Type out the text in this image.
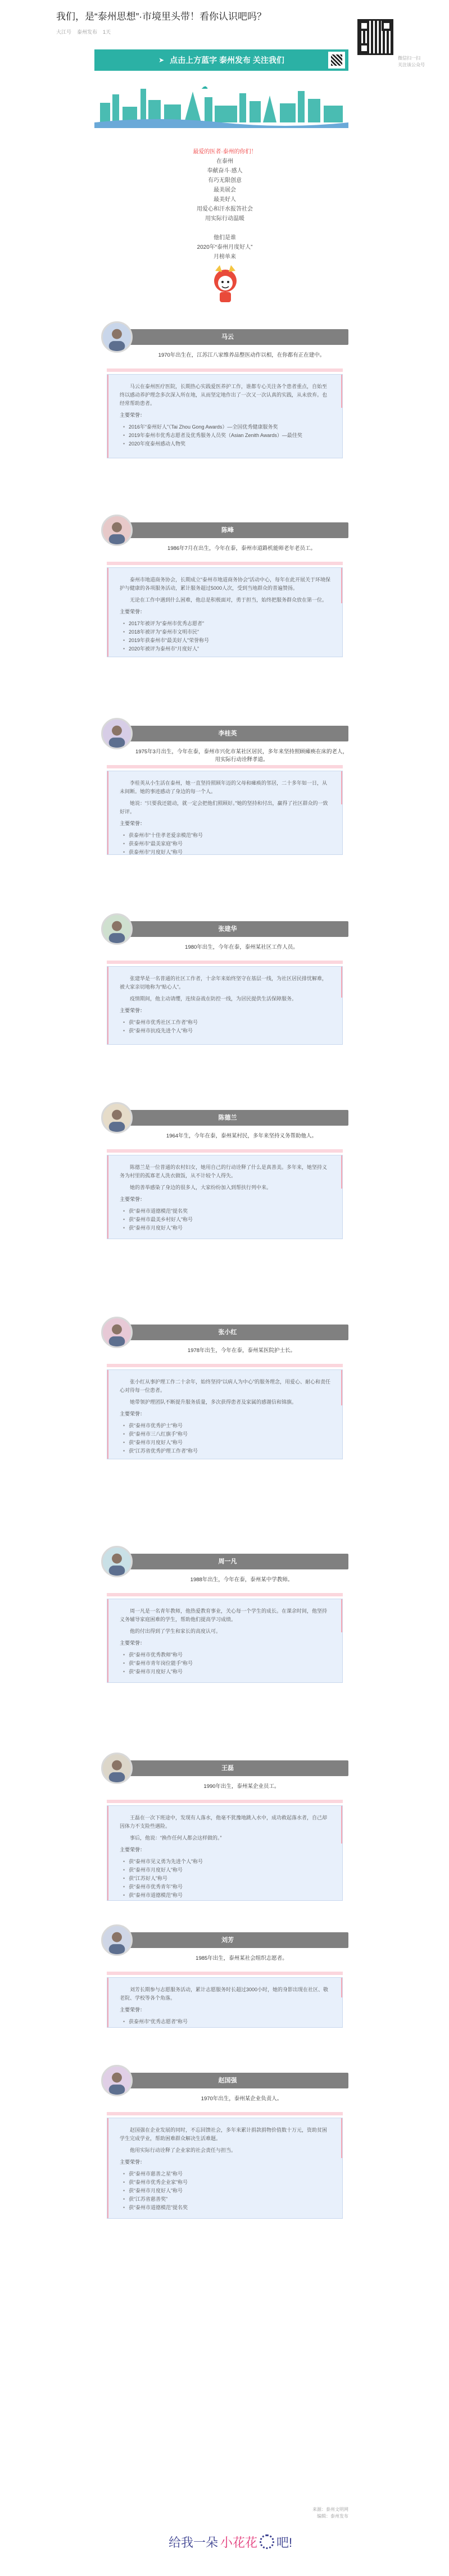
我们，是“泰州思想”·市境里头带！看你认识吧吗？
大江号 泰州发布 1天
微信扫一扫
关注该公众号
➤ 点击上方蓝字 泰州发布 关注我们
☁
最爱的医者·泰州的你们！
在泰州
奉献奋斗·感人
有巧无限创意
最美展会
最美好人
用爱心和汗水报答社会
用实际行动温暖
他们是谁
2020年“泰州月度好人”
月榜单来
马云
1970年出生在，江苏江八家维养品整医动作以相，在你都有正在建中。

马云在泰州医疗医院，长期热心实践爱医养护工作，谁都专心关注各个患者重点，自始至终以感动养护理念多次深入所在地，从而坚定地作出了一次又一次认真的实践，从未放弃。也经常帮助患者。

主要荣誉：

• 2016年“泰州好人”（Tai Zhou Gong Awards）—全国优秀健康服务奖
• 2019年泰州市优秀志愿者及优秀服务人员奖（Asian Zenith Awards）—最佳奖
• 2020年度泰州感动人物奖
陈峰
1986年7月在出生，今年在泰，泰州市道路机能师老年老员工。

泰州市地道商务协会，长期成立“泰州市地道商务协会”活动中心，每年在此开展关于环境保护与健康的各项服务活动，累计服务超过5000人次，受到当地群众的普遍赞扬。

无论在工作中遇到什么困难，他总是积极面对，勇于担当，始终把服务群众放在第一位。

主要荣誉：

• 2017年被评为“泰州市优秀志愿者”
• 2018年被评为“泰州市文明市民”
• 2019年获泰州市“最美好人”荣誉称号
• 2020年被评为泰州市“月度好人”
李桂英
1975年3月出生，今年在泰，泰州市兴化市某社区居民，多年来坚持照顾瘫痪在床的老人，用实际行动诠释孝道。

李桂英从小生活在泰州，她一直坚持照顾年迈的父母和瘫痪的邻居，二十多年如一日，从未间断。她的事迹感动了身边的每一个人。

她说：“只要我还能动，就一定会把他们照顾好。”她的坚持和付出，赢得了社区群众的一致好评。

主要荣誉：

• 获泰州市“十佳孝老爱亲模范”称号
• 获泰州市“最美家庭”称号
• 获泰州市“月度好人”称号
张建华
1980年出生，今年在泰，泰州某社区工作人员。

张建华是一名普通的社区工作者，十余年来始终坚守在基层一线，为社区居民排忧解难，被大家亲切地称为“贴心人”。

疫情期间，他主动请缨，连续奋战在防控一线，为居民提供生活保障服务。

主要荣誉：

• 获“泰州市优秀社区工作者”称号
• 获“泰州市抗疫先进个人”称号
陈德兰
1964年生，今年在泰，泰州某村民，多年来坚持义务帮助他人。

陈德兰是一位普通的农村妇女，她用自己的行动诠释了什么是真善美。多年来，她坚持义务为村里的孤寡老人洗衣做饭，从不计较个人得失。

她的善举感染了身边的很多人，大家纷纷加入到帮扶行列中来。

主要荣誉：

• 获“泰州市道德模范”提名奖
• 获“泰州市最美乡村好人”称号
• 获“泰州市月度好人”称号
张小红
1978年出生，今年在泰，泰州某医院护士长。

张小红从事护理工作二十余年，始终坚持“以病人为中心”的服务理念，用爱心、耐心和责任心对待每一位患者。

她带领护理团队不断提升服务质量，多次获得患者及家属的感谢信和锦旗。

主要荣誉：

• 获“泰州市优秀护士”称号
• 获“泰州市三八红旗手”称号
• 获“泰州市月度好人”称号
• 获“江苏省优秀护理工作者”称号
周一凡
1988年出生，今年在泰，泰州某中学教师。

周一凡是一名青年教师，他热爱教育事业，关心每一个学生的成长。在课余时间，他坚持义务辅导家庭困难的学生，帮助他们提高学习成绩。

他的付出得到了学生和家长的高度认可。

主要荣誉：

• 获“泰州市优秀教师”称号
• 获“泰州市青年岗位能手”称号
• 获“泰州市月度好人”称号
王磊
1990年出生，泰州某企业员工。

王磊在一次下班途中，发现有人落水，他毫不犹豫地跳入水中，成功救起落水者，自己却因体力不支险些遇险。

事后，他说：“换作任何人都会这样做的。”

主要荣誉：

• 获“泰州市见义勇为先进个人”称号
• 获“泰州市月度好人”称号
• 获“江苏好人”称号
• 获“泰州市优秀青年”称号
• 获“泰州市道德模范”称号
刘芳
1985年出生，泰州某社会组织志愿者。

刘芳长期参与志愿服务活动，累计志愿服务时长超过3000小时，她的身影出现在社区、敬老院、学校等各个角落。

主要荣誉：

• 获泰州市“优秀志愿者”称号
赵国强
1970年出生，泰州某企业负责人。

赵国强在企业发展的同时，不忘回馈社会，多年来累计捐款捐物价值数十万元，资助贫困学生完成学业，帮助困难群众解决生活难题。

他用实际行动诠释了企业家的社会责任与担当。

主要荣誉：

• 获“泰州市慈善之星”称号
• 获“泰州市优秀企业家”称号
• 获“泰州市月度好人”称号
• 获“江苏省慈善奖”
• 获“泰州市道德模范”提名奖
来源：泰州文明网
编辑：泰州发布
给我一朵 小花花 吧!
